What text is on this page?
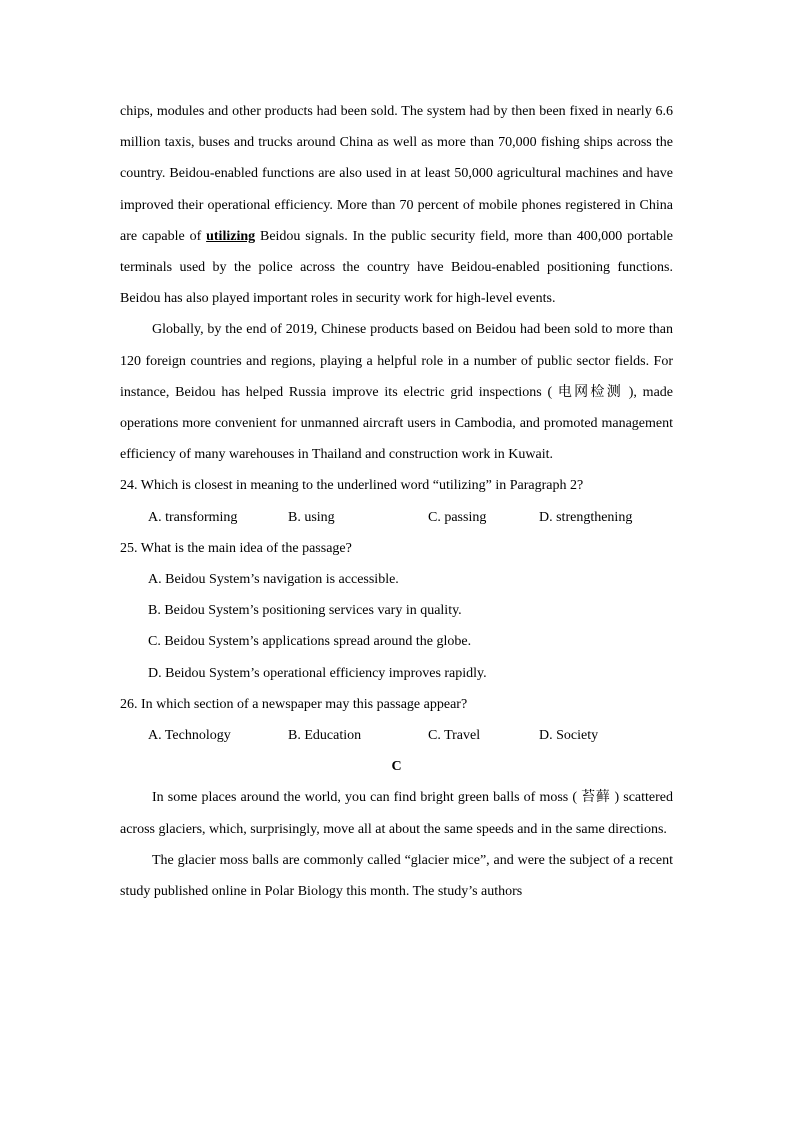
chips, modules and other products had been sold. The system had by then been fixed in nearly 6.6 million taxis, buses and trucks around China as well as more than 70,000 fishing ships across the country. Beidou-enabled functions are also used in at least 50,000 agricultural machines and have improved their operational efficiency. More than 70 percent of mobile phones registered in China are capable of utilizing Beidou signals. In the public security field, more than 400,000 portable terminals used by the police across the country have Beidou-enabled positioning functions. Beidou has also played important roles in security work for high-level events.

Globally, by the end of 2019, Chinese products based on Beidou had been sold to more than 120 foreign countries and regions, playing a helpful role in a number of public sector fields. For instance, Beidou has helped Russia improve its electric grid inspections ( 电网检测 ), made operations more convenient for unmanned aircraft users in Cambodia, and promoted management efficiency of many warehouses in Thailand and construction work in Kuwait.

24. Which is closest in meaning to the underlined word “utilizing” in Paragraph 2?

A. transforming	B. using	C. passing	D. strengthening

25. What is the main idea of the passage?

A. Beidou System’s navigation is accessible.

B. Beidou System’s positioning services vary in quality.

C. Beidou System’s applications spread around the globe.

D. Beidou System’s operational efficiency improves rapidly.

26. In which section of a newspaper may this passage appear?

A. Technology	B. Education	C. Travel	D. Society

C

In some places around the world, you can find bright green balls of moss ( 苔藓 ) scattered across glaciers, which, surprisingly, move all at about the same speeds and in the same directions.

The glacier moss balls are commonly called “glacier mice”, and were the subject of a recent study published online in Polar Biology this month. The study’s authors
